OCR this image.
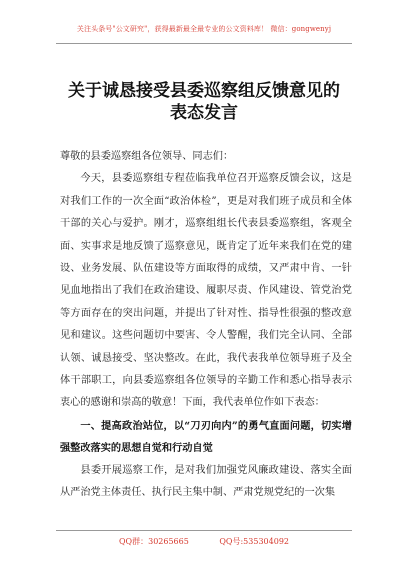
关注头条号"公文研究"，获得最新最全最专业的公文资料库！ 微信：gongwenyj
关于诚恳接受县委巡察组反馈意见的
表态发言

尊敬的县委巡察组各位领导、同志们：

今天，县委巡察组专程莅临我单位召开巡察反馈会议，这是对我们工作的一次全面“政治体检”，更是对我们班子成员和全体干部的关心与爱护。刚才，巡察组组长代表县委巡察组，客观全面、实事求是地反馈了巡察意见，既肯定了近年来我们在党的建设、业务发展、队伍建设等方面取得的成绩，又严肃中肯、一针见血地指出了我们在政治建设、履职尽责、作风建设、管党治党等方面存在的突出问题，并提出了针对性、指导性很强的整改意见和建议。这些问题切中要害、令人警醒，我们完全认同、全部认领、诚恳接受、坚决整改。在此，我代表我单位领导班子及全体干部职工，向县委巡察组各位领导的辛勤工作和悉心指导表示衷心的感谢和崇高的敬意！下面，我代表单位作如下表态：

一、提高政治站位，以“刀刃向内”的勇气直面问题，切实增强整改落实的思想自觉和行动自觉

县委开展巡察工作，是对我们加强党风廉政建设、落实全面从严治党主体责任、执行民主集中制、严肃党规党纪的一次集

QQ群：30265665	QQ号:535304092
